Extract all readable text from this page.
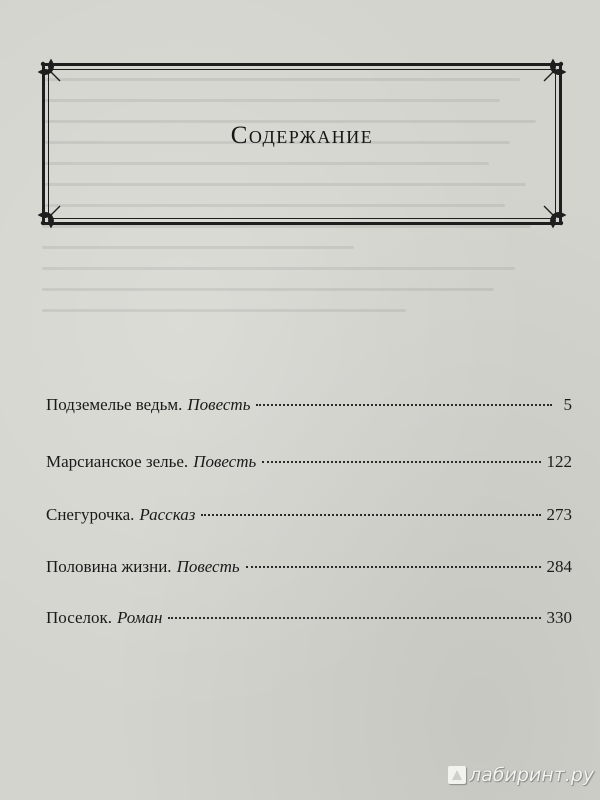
Содержание
Подземелье ведьм. Повесть	5
Марсианское зелье. Повесть	122
Снегурочка. Рассказ	273
Половина жизни. Повесть	284
Поселок. Роман	330
лабиринт.ру
